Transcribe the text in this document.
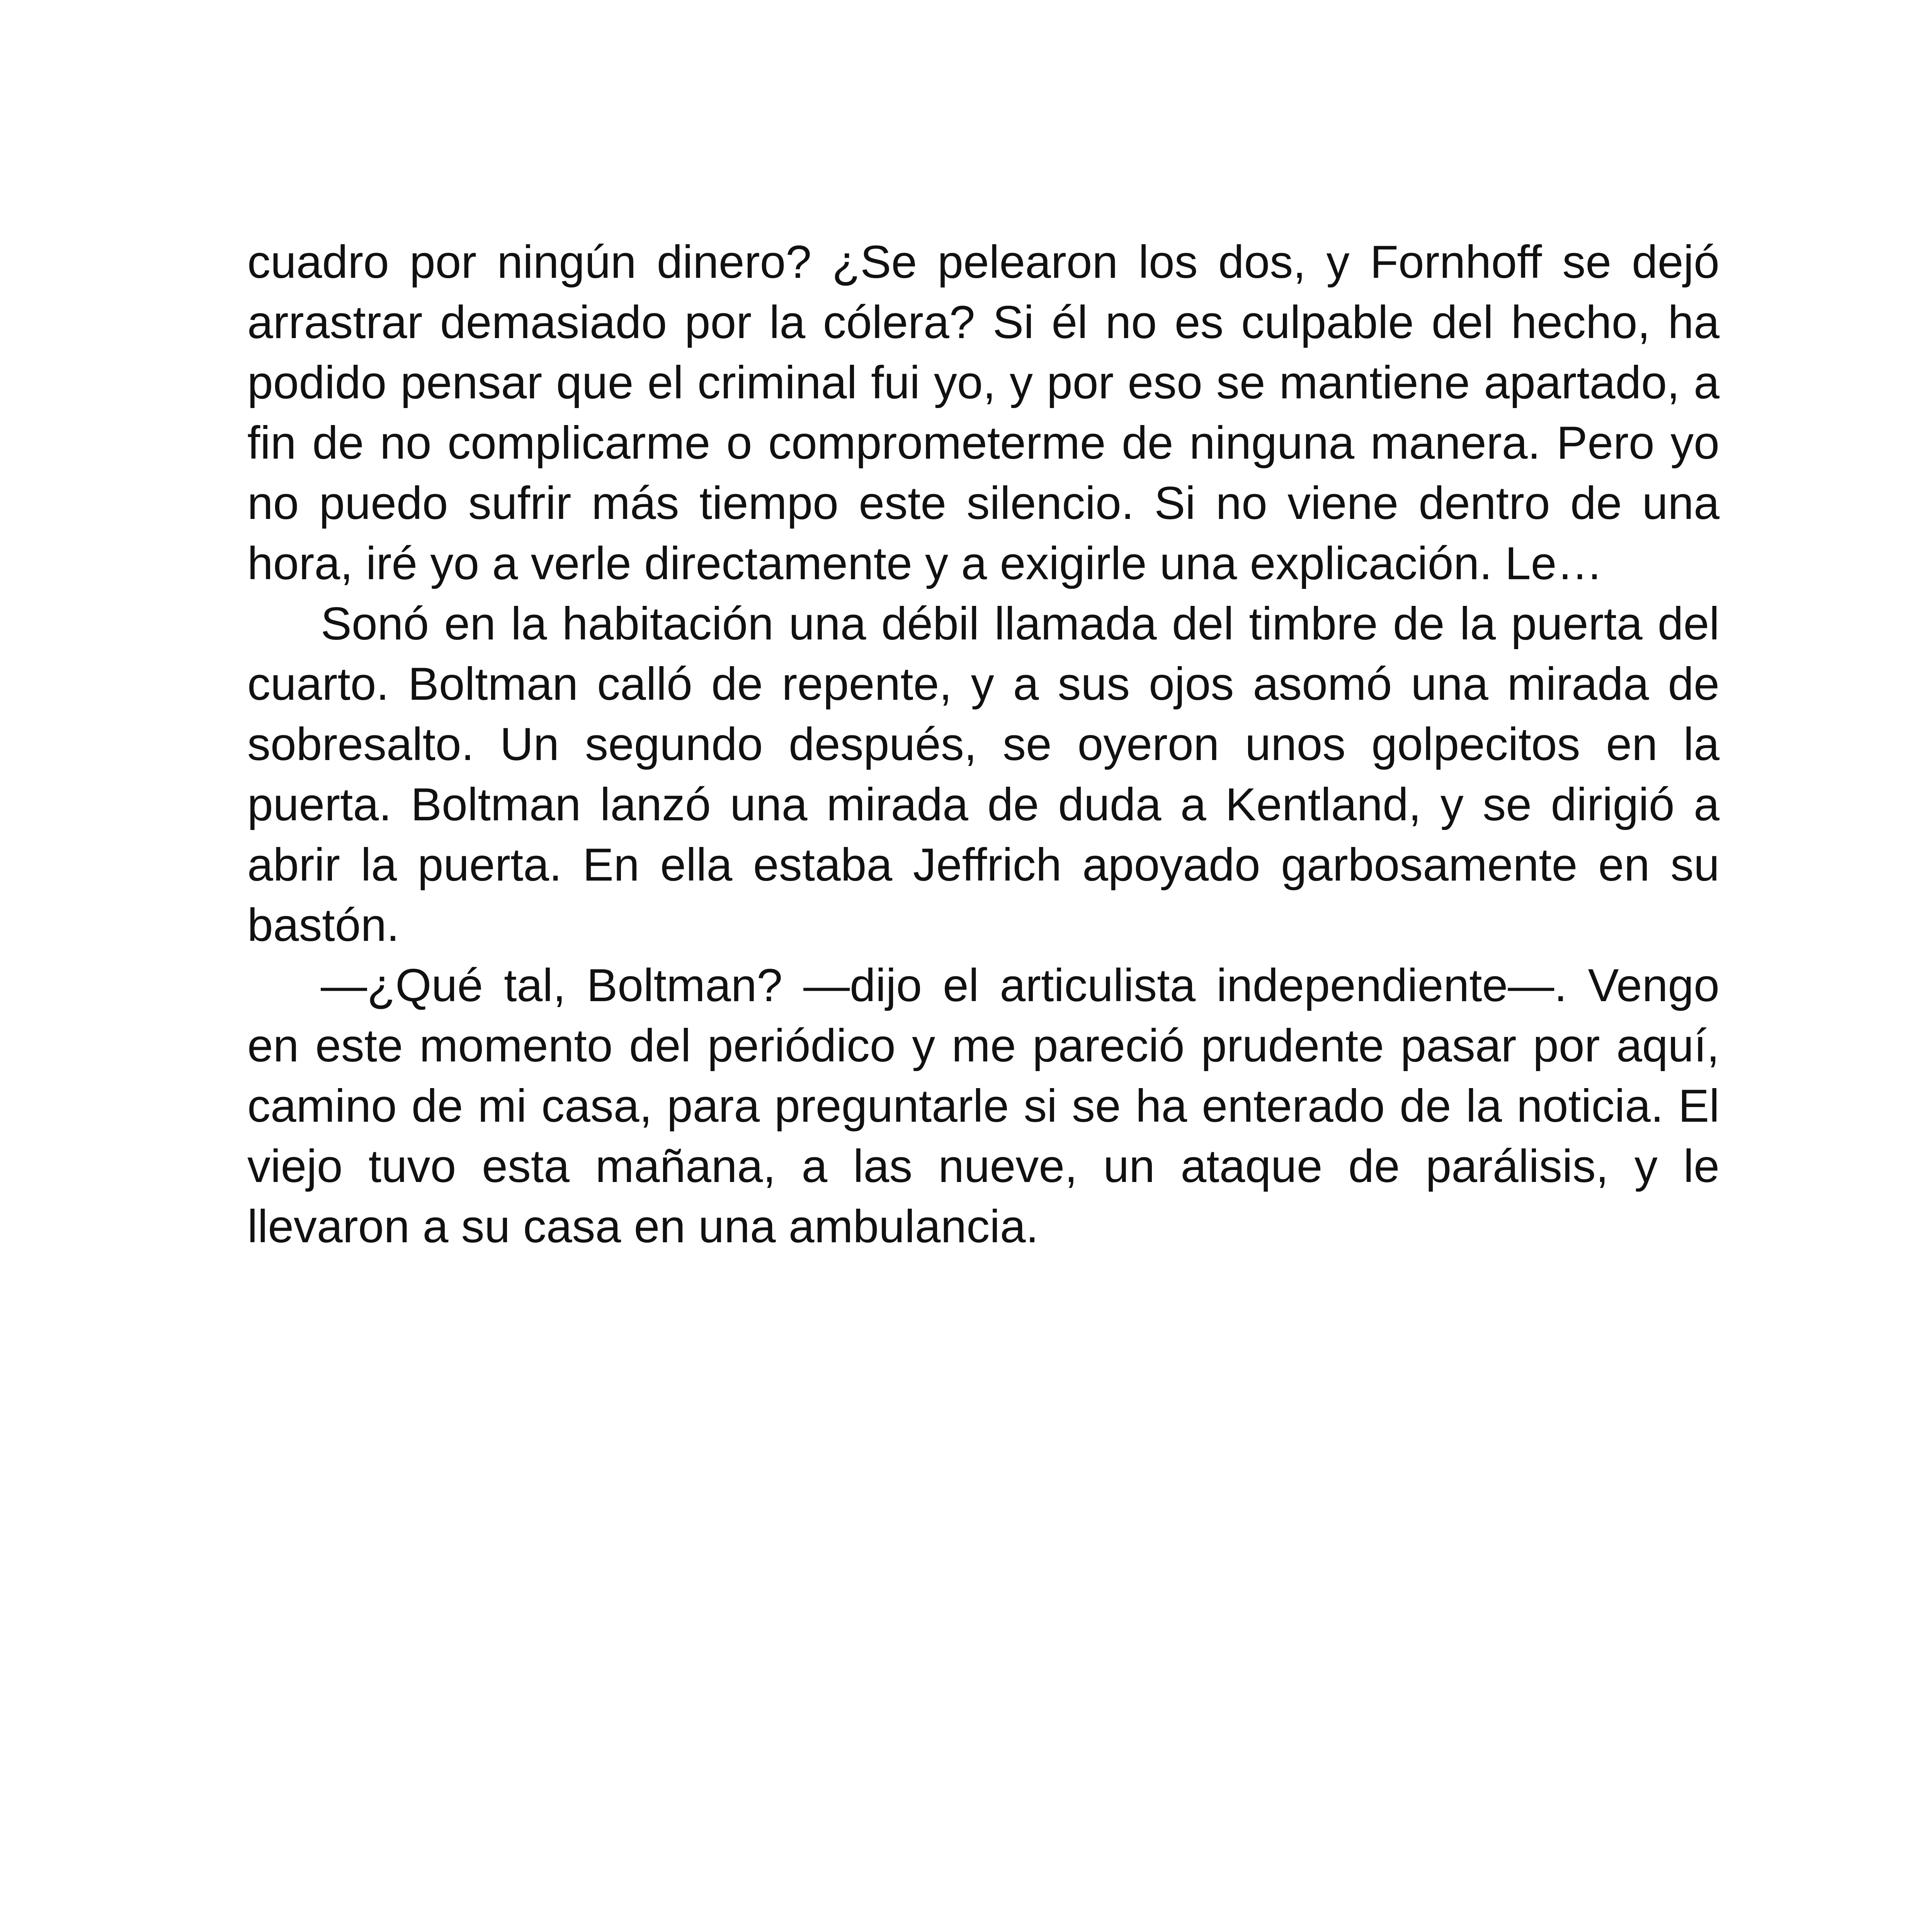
cuadro por ningún dinero? ¿Se pelearon los dos, y Fornhoff se dejó arrastrar demasiado por la cólera? Si él no es culpable del hecho, ha podido pensar que el criminal fui yo, y por eso se mantiene apartado, a fin de no complicarme o comprometerme de ninguna manera. Pero yo no puedo sufrir más tiempo este silencio. Si no viene dentro de una hora, iré yo a verle directamente y a exigirle una explicación. Le…

Sonó en la habitación una débil llamada del timbre de la puerta del cuarto. Boltman calló de repente, y a sus ojos asomó una mirada de sobresalto. Un segundo después, se oyeron unos golpecitos en la puerta. Boltman lanzó una mirada de duda a Kentland, y se dirigió a abrir la puerta. En ella estaba Jeffrich apoyado garbosamente en su bastón.

—¿Qué tal, Boltman? —dijo el articulista independiente—. Vengo en este momento del periódico y me pareció prudente pasar por aquí, camino de mi casa, para preguntarle si se ha enterado de la noticia. El viejo tuvo esta mañana, a las nueve, un ataque de parálisis, y le llevaron a su casa en una ambulancia.
